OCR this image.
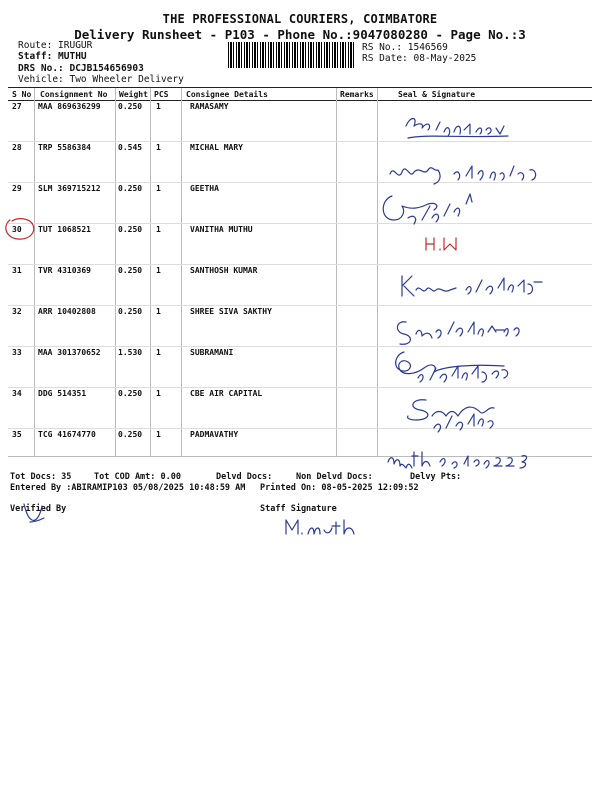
THE PROFESSIONAL COURIERS, COIMBATORE
Delivery Runsheet - P103 - Phone No.:9047080280 - Page No.:3
Route: IRUGUR
Staff: MUTHU
DRS No.: DCJB154656903
Vehicle: Two Wheeler Delivery
RS No.: 1546569
RS Date: 08-May-2025
S No Consignment No Weight PCS Consignee Details	Remarks	Seal & Signature
27 MAA 869636299 0.250 1	RAMASAMY
28 TRP 5586384	0.545 1	MICHAL MARY
29 SLM 369715212 0.250 1	GEETHA
30 TUT 1068521	0.250 1	VANITHA MUTHU
31 TVR 4310369	0.250 1	SANTHOSH KUMAR
32 ARR 10402808	0.250 1	SHREE SIVA SAKTHY
33 MAA 301370652 1.530 1	SUBRAMANI
34 DDG 514351	0.250 1	CBE AIR CAPITAL
35 TCG 41674770	0.250 1	PADMAVATHY
Tot Docs: 35	Tot COD Amt: 0.00	Delvd Docs:	Non Delvd Docs:	Delvy Pts:
Entered By :ABIRAMIP103 05/08/2025 10:48:59 AM Printed On: 08-05-2025 12:09:52
Verified By	Staff Signature
